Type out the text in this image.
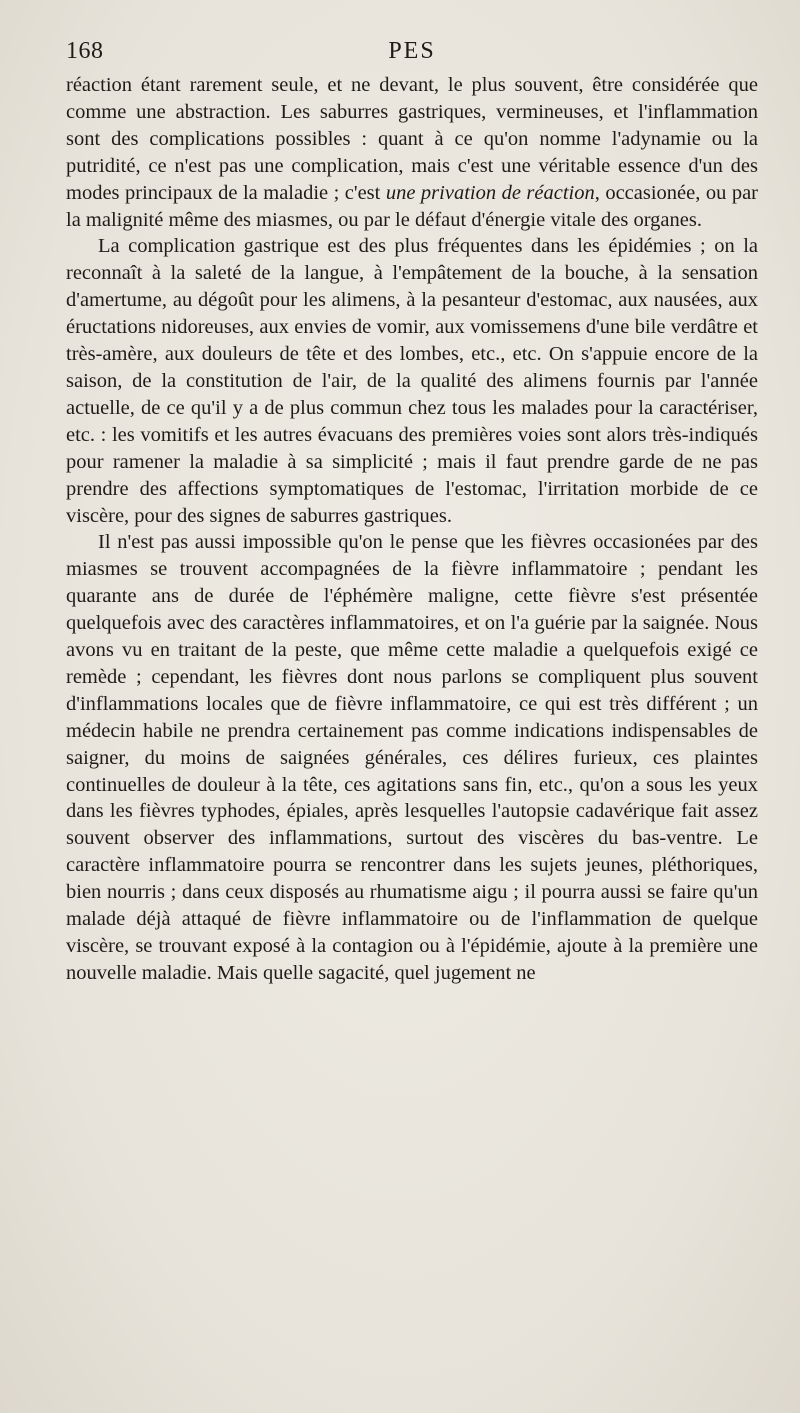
168	PES

réaction étant rarement seule, et ne devant, le plus souvent, être considérée que comme une abstraction. Les saburres gastriques, vermineuses, et l'inflammation sont des complications possibles : quant à ce qu'on nomme l'adynamie ou la putridité, ce n'est pas une complication, mais c'est une véritable essence d'un des modes principaux de la maladie ; c'est une privation de réaction, occasionée, ou par la malignité même des miasmes, ou par le défaut d'énergie vitale des organes.

La complication gastrique est des plus fréquentes dans les épidémies ; on la reconnaît à la saleté de la langue, à l'empâtement de la bouche, à la sensation d'amertume, au dégoût pour les alimens, à la pesanteur d'estomac, aux nausées, aux éructations nidoreuses, aux envies de vomir, aux vomissemens d'une bile verdâtre et très-amère, aux douleurs de tête et des lombes, etc., etc. On s'appuie encore de la saison, de la constitution de l'air, de la qualité des alimens fournis par l'année actuelle, de ce qu'il y a de plus commun chez tous les malades pour la caractériser, etc. : les vomitifs et les autres évacuans des premières voies sont alors très-indiqués pour ramener la maladie à sa simplicité ; mais il faut prendre garde de ne pas prendre des affections symptomatiques de l'estomac, l'irritation morbide de ce viscère, pour des signes de saburres gastriques.

Il n'est pas aussi impossible qu'on le pense que les fièvres occasionées par des miasmes se trouvent accompagnées de la fièvre inflammatoire ; pendant les quarante ans de durée de l'éphémère maligne, cette fièvre s'est présentée quelquefois avec des caractères inflammatoires, et on l'a guérie par la saignée. Nous avons vu en traitant de la peste, que même cette maladie a quelquefois exigé ce remède ; cependant, les fièvres dont nous parlons se compliquent plus souvent d'inflammations locales que de fièvre inflammatoire, ce qui est très différent ; un médecin habile ne prendra certainement pas comme indications indispensables de saigner, du moins de saignées générales, ces délires furieux, ces plaintes continuelles de douleur à la tête, ces agitations sans fin, etc., qu'on a sous les yeux dans les fièvres typhodes, épiales, après lesquelles l'autopsie cadavérique fait assez souvent observer des inflammations, surtout des viscères du bas-ventre. Le caractère inflammatoire pourra se rencontrer dans les sujets jeunes, pléthoriques, bien nourris ; dans ceux disposés au rhumatisme aigu ; il pourra aussi se faire qu'un malade déjà attaqué de fièvre inflammatoire ou de l'inflammation de quelque viscère, se trouvant exposé à la contagion ou à l'épidémie, ajoute à la première une nouvelle maladie. Mais quelle sagacité, quel jugement ne
